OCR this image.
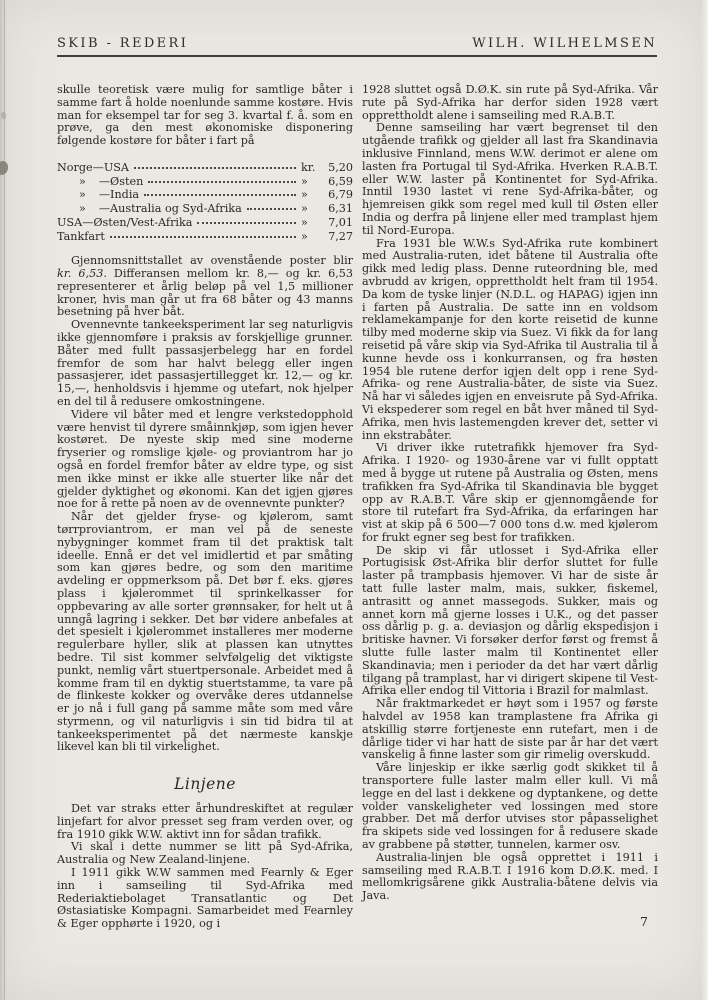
SKIB - REDERI	WILH. WILHELMSEN

skulle teoretisk være mulig for samtlige båter i samme fart å holde noenlunde samme kostøre. Hvis man for eksempel tar for seg 3. kvartal f. å. som en prøve, ga den mest økonomiske disponering følgende kostøre for båter i fart på

Norge—USA	kr.	5,20
»	—Østen	»	6,59
»	—India	»	6,79
»	—Australia og Syd-Afrika	»	6,31
USA—Østen/Vest-Afrika	»	7,01
Tankfart	»	7,27

Gjennomsnittstallet av ovenstående poster blir kr. 6,53. Differansen mellom kr. 8,— og kr. 6,53 representerer et årlig beløp på vel 1,5 millioner kroner, hvis man går ut fra 68 båter og 43 manns besetning på hver båt.

Ovennevnte tankeeksperiment lar seg naturligvis ikke gjennomføre i praksis av forskjellige grunner. Båter med fullt passasjerbelegg har en fordel fremfor de som har halvt belegg eller ingen passasjerer, idet passasjertillegget kr. 12,— og kr. 15,—, henholdsvis i hjemme og utefart, nok hjelper en del til å redusere omkostningene.

Videre vil båter med et lengre verkstedopphold være henvist til dyrere småinnkjøp, som igjen hever kostøret. De nyeste skip med sine moderne fryserier og romslige kjøle- og proviantrom har jo også en fordel fremfor båter av eldre type, og sist men ikke minst er ikke alle stuerter like når det gjelder dyktighet og økonomi. Kan det igjen gjøres noe for å rette på noen av de ovennevnte punkter?

Når det gjelder fryse- og kjølerom, samt tørrproviantrom, er man vel på de seneste nybygninger kommet fram til det praktisk talt ideelle. Ennå er det vel imidlertid et par småting som kan gjøres bedre, og som den maritime avdeling er oppmerksom på. Det bør f. eks. gjøres plass i kjølerommet til sprinkelkasser for oppbevaring av alle sorter grønnsaker, for helt ut å unngå lagring i sekker. Det bør videre anbefales at det spesielt i kjølerommet installeres mer moderne regulerbare hyller, slik at plassen kan utnyttes bedre. Til sist kommer selvfølgelig det viktigste punkt, nemlig vårt stuertpersonale. Arbeidet med å komme fram til en dyktig stuertstamme, ta vare på de flinkeste kokker og overvåke deres utdannelse er jo nå i full gang på samme måte som med våre styrmenn, og vil naturligvis i sin tid bidra til at tankeeksperimentet på det nærmeste kanskje likevel kan bli til virkelighet.

Linjene

Det var straks etter århundreskiftet at regulær linjefart for alvor presset seg fram verden over, og fra 1910 gikk W.W. aktivt inn for sådan trafikk.

Vi skal i dette nummer se litt på Syd-Afrika, Australia og New Zealand-linjene.

I 1911 gikk W.W sammen med Fearnly & Eger inn i samseiling til Syd-Afrika med Rederiaktiebolaget Transatlantic og Det Østasiatiske Kompagni. Samarbeidet med Fearnley & Eger opphørte i 1920, og i

1928 sluttet også D.Ø.K. sin rute på Syd-Afrika. Vår rute på Syd-Afrika har derfor siden 1928 vært opprettholdt alene i samseiling med R.A.B.T.

Denne samseiling har vært begrenset til den utgående trafikk og gjelder all last fra Skandinavia inklusive Finnland, mens W.W. derimot er alene om lasten fra Portugal til Syd-Afrika. Hverken R.A.B.T. eller W.W. laster på Kontinentet for Syd-Afrika. Inntil 1930 lastet vi rene Syd-Afrika-båter, og hjemreisen gikk som regel med kull til Østen eller India og derfra på linjene eller med tramplast hjem til Nord-Europa.

Fra 1931 ble W.W.s Syd-Afrika rute kombinert med Australia-ruten, idet båtene til Australia ofte gikk med ledig plass. Denne ruteordning ble, med avbrudd av krigen, opprettholdt helt fram til 1954. Da kom de tyske linjer (N.D.L. og HAPAG) igjen inn i farten på Australia. De satte inn en voldsom reklamekampanje for den korte reisetid de kunne tilby med moderne skip via Suez. Vi fikk da for lang reisetid på våre skip via Syd-Afrika til Australia til å kunne hevde oss i konkurransen, og fra høsten 1954 ble rutene derfor igjen delt opp i rene Syd-Afrika- og rene Australia-båter, de siste via Suez. Nå har vi således igjen en enveisrute på Syd-Afrika. Vi ekspederer som regel en båt hver måned til Syd-Afrika, men hvis lastemengden krever det, setter vi inn ekstrabåter.

Vi driver ikke rutetrafikk hjemover fra Syd-Afrika. I 1920- og 1930-årene var vi fullt opptatt med å bygge ut rutene på Australia og Østen, mens trafikken fra Syd-Afrika til Skandinavia ble bygget opp av R.A.B.T. Våre skip er gjennomgående for store til rutefart fra Syd-Afrika, da erfaringen har vist at skip på 6 500—7 000 tons d.w. med kjølerom for frukt egner seg best for trafikken.

De skip vi får utlosset i Syd-Afrika eller Portugisisk Øst-Afrika blir derfor sluttet for fulle laster på trampbasis hjemover. Vi har de siste år tatt fulle laster malm, mais, sukker, fiskemel, antrasitt og annet massegods. Sukker, mais og annet korn må gjerne losses i U.K., og det passer oss dårlig p. g. a. deviasjon og dårlig ekspedisjon i britiske havner. Vi forsøker derfor først og fremst å slutte fulle laster malm til Kontinentet eller Skandinavia; men i perioder da det har vært dårlig tilgang på tramplast, har vi dirigert skipene til Vest-Afrika eller endog til Vittoria i Brazil for malmlast.

Når fraktmarkedet er høyt som i 1957 og første halvdel av 1958 kan tramplastene fra Afrika gi atskillig større fortjeneste enn rutefart, men i de dårlige tider vi har hatt de siste par år har det vært vanskelig å finne laster som gir rimelig overskudd.

Våre linjeskip er ikke særlig godt skikket til å transportere fulle laster malm eller kull. Vi må legge en del last i dekkene og dyptankene, og dette volder vanskeligheter ved lossingen med store grabber. Det må derfor utvises stor påpasselighet fra skipets side ved lossingen for å redusere skade av grabbene på støtter, tunnelen, karmer osv.

Australia-linjen ble også opprettet i 1911 i samseiling med R.A.B.T. I 1916 kom D.Ø.K. med. I mellomkrigsårene gikk Australia-båtene delvis via Java.

7
